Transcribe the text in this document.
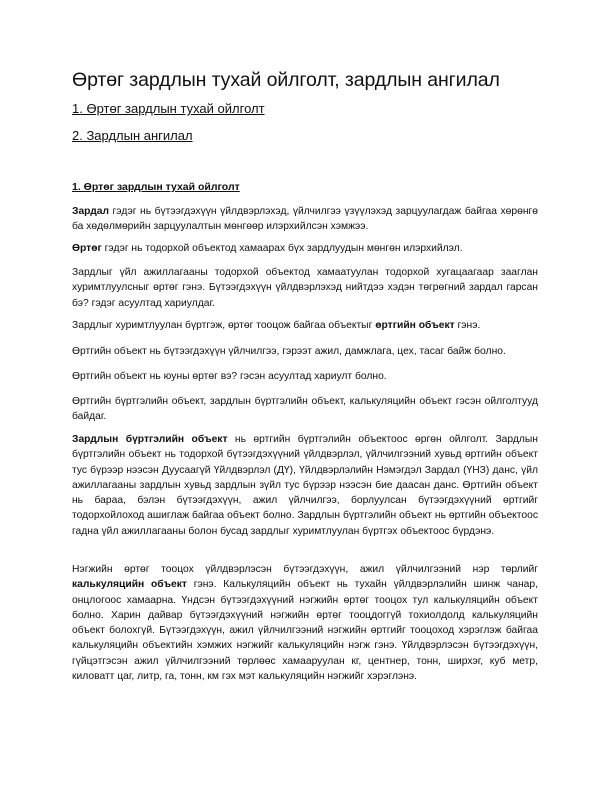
Өртөг зардлын тухай ойлголт, зардлын ангилал
1. Өртөг зардлын тухай ойлголт
2. Зардлын ангилал
1. Өртөг зардлын тухай ойлголт

Зардал гэдэг нь бүтээгдэхүүн үйлдвэрлэхэд, үйлчилгээ үзүүлэхэд зарцуулагдаж байгаа хөрөнгө ба хөдөлмөрийн зарцуулалтын мөнгөөр илэрхийлсэн хэмжээ.

Өртөг гэдэг нь тодорхой объектод хамаарах бүх зардлуудын мөнгөн илэрхийлэл.

Зардлыг үйл ажиллагааны тодорхой объектод хамаатуулан тодорхой хугацаагаар зааглан хуримтлуулсныг өртөг гэнэ. Бүтээгдэхүүн үйлдвэрлэхэд нийтдээ хэдэн төгрөгний зардал гарсан бэ? гэдэг асуултад хариулдаг.

Зардлыг хуримтлуулан бүртгэж, өртөг тооцож байгаа объектыг өртгийн объект гэнэ.

Өртгийн объект нь бүтээгдэхүүн үйлчилгээ, гэрээт ажил, дамжлага, цех, тасаг байж болно.

Өртгийн объект нь юуны өртөг вэ? гэсэн асуултад хариулт болно.

Өртгийн бүртгэлийн объект, зардлын бүртгэлийн объект, калькуляцийн объект гэсэн ойлголтууд байдаг.

Зардлын бүртгэлийн объект нь өртгийн бүртгэлийн объектоос өргөн ойлголт. Зардлын бүртгэлийн объект нь тодорхой бүтээгдэхүүний үйлдвэрлэл, үйлчилгээний хувьд өртгийн объект тус бүрээр нээсэн Дуусаагүй Үйлдвэрлэл (ДҮ), Үйлдвэрлэлийн Нэмэгдэл Зардал (ҮНЗ) данс, үйл ажиллагааны зардлын хувьд зардлын зүйл тус бүрээр нээсэн бие даасан данс. Өртгийн объект нь бараа, бэлэн бүтээгдэхүүн, ажил үйлчилгээ, борлуулсан бүтээгдэхүүний өртгийг тодорхойлоход ашиглаж байгаа объект болно. Зардлын бүртгэлийн объект нь өртгийн объектоос гадна үйл ажиллагааны болон бусад зардлыг хуримтлуулан бүртгэх объектоос бүрдэнэ.

Нэгжийн өртөг тооцох үйлдвэрлэсэн бүтээгдэхүүн, ажил үйлчилгээний нэр төрлийг калькуляцийн объект гэнэ. Калькуляцийн объект нь тухайн үйлдвэрлэлийн шинж чанар, онцлогоос хамаарна. Үндсэн бүтээгдэхүүний нэгжийн өртөг тооцох тул калькуляцийн объект болно. Харин дайвар бүтээгдэхүүний нэгжийн өртөг тооцдоггүй тохиолдолд калькуляцийн объект болохгүй. Бүтээгдэхүүн, ажил үйлчилгээний нэгжийн өртгийг тооцоход хэрэглэж байгаа калькуляцийн объектийн хэмжих нэгжийг калькуляцийн нэгж гэнэ. Үйлдвэрлэсэн бүтээгдэхүүн, гүйцэтгэсэн ажил үйлчилгээний төрлөөс хамааруулан кг, центнер, тонн, ширхэг, куб метр, киловатт цаг, литр, га, тонн, км гэх мэт калькуляцийн нэгжийг хэрэглэнэ.
